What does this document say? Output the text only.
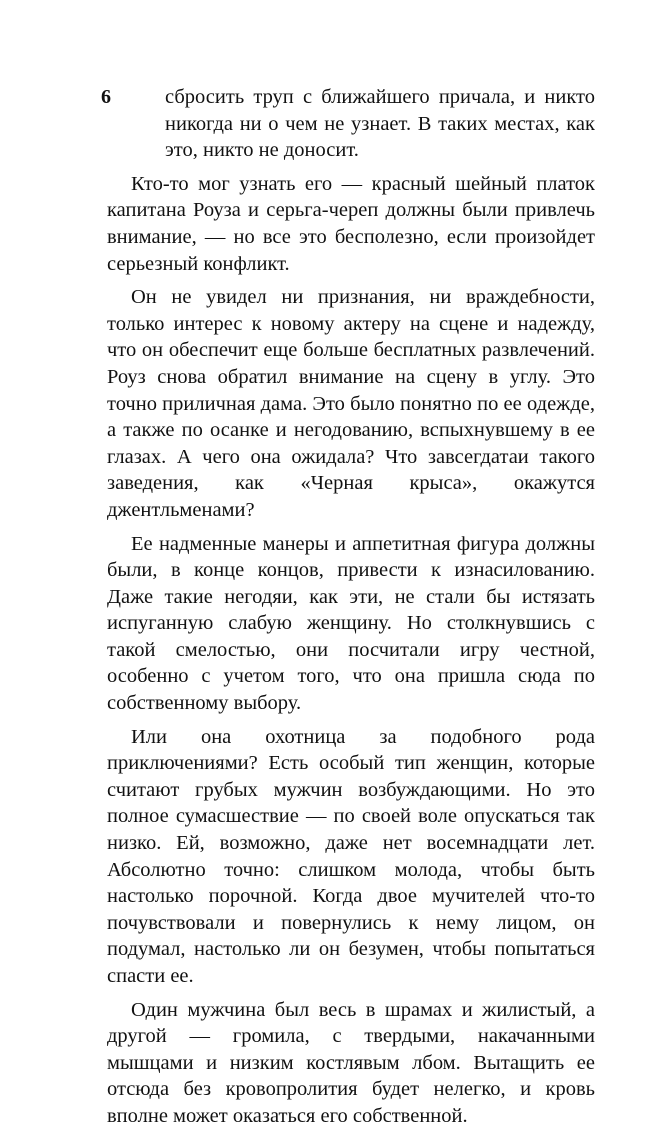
6	сбросить труп с ближайшего причала, и никто никогда ни о чем не узнает. В таких местах, как это, никто не доносит.

Кто-то мог узнать его — красный шейный платок капитана Роуза и серьга-череп должны были привлечь внимание, — но все это бесполезно, если произойдет серьезный конфликт.

Он не увидел ни признания, ни враждебности, только интерес к новому актеру на сцене и надежду, что он обеспечит еще больше бесплатных развлечений. Роуз снова обратил внимание на сцену в углу. Это точно приличная дама. Это было понятно по ее одежде, а также по осанке и негодованию, вспыхнувшему в ее глазах. А чего она ожидала? Что завсегдатаи такого заведения, как «Черная крыса», окажутся джентльменами?

Ее надменные манеры и аппетитная фигура должны были, в конце концов, привести к изнасилованию. Даже такие негодяи, как эти, не стали бы истязать испуганную слабую женщину. Но столкнувшись с такой смелостью, они посчитали игру честной, особенно с учетом того, что она пришла сюда по собственному выбору.

Или она охотница за подобного рода приключениями? Есть особый тип женщин, которые считают грубых мужчин возбуждающими. Но это полное сумасшествие — по своей воле опускаться так низко. Ей, возможно, даже нет восемнадцати лет. Абсолютно точно: слишком молода, чтобы быть настолько порочной. Когда двое мучителей что-то почувствовали и повернулись к нему лицом, он подумал, настолько ли он безумен, чтобы попытаться спасти ее.

Один мужчина был весь в шрамах и жилистый, а другой — громила, с твердыми, накачанными мышцами и низким костлявым лбом. Вытащить ее отсюда без кровопролития будет нелегко, и кровь вполне может оказаться его собственной.
